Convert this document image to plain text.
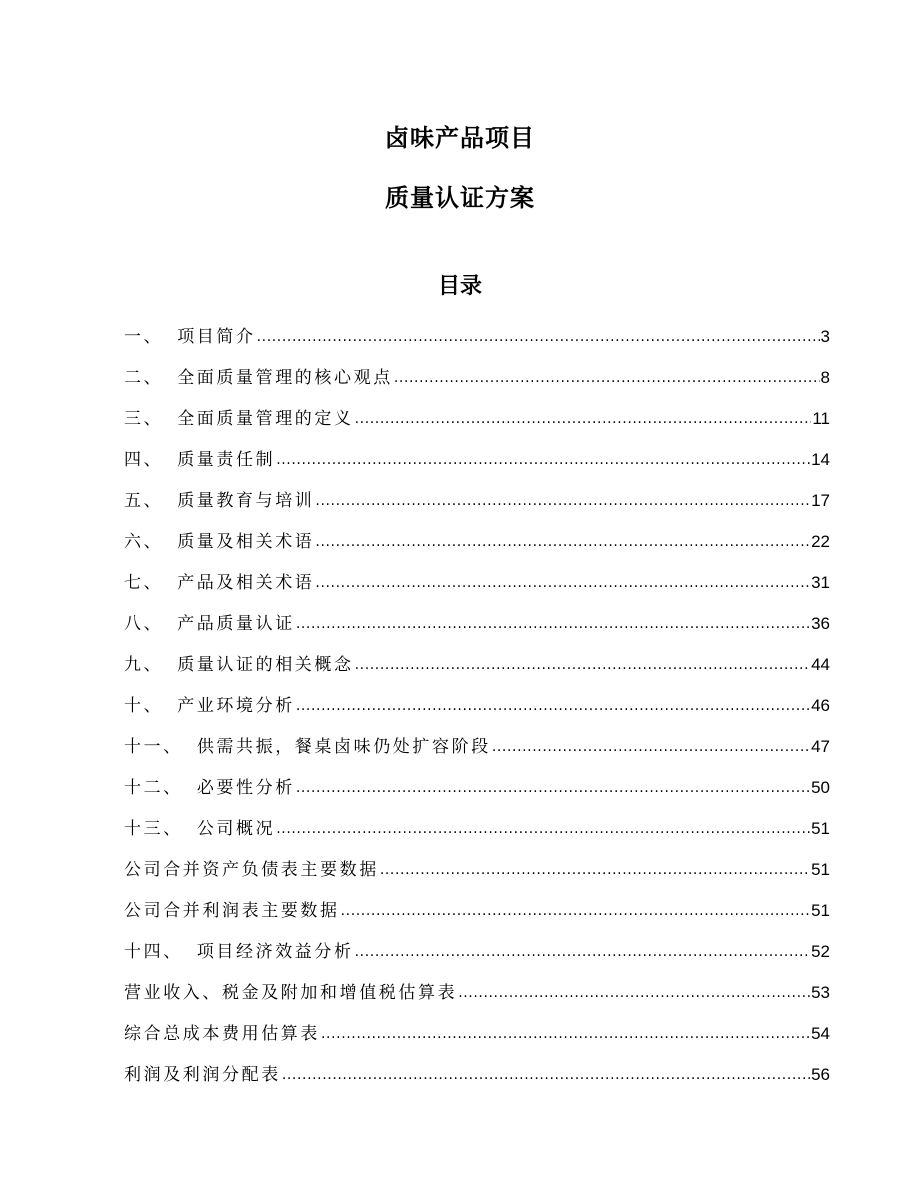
卤味产品项目
质量认证方案
目录
一、 项目简介 .....	3
二、 全面质量管理的核心观点 .....	8
三、 全面质量管理的定义 .....	11
四、 质量责任制 .....	14
五、 质量教育与培训 .....	17
六、 质量及相关术语 .....	22
七、 产品及相关术语 .....	31
八、 产品质量认证 .....	36
九、 质量认证的相关概念 .....	44
十、 产业环境分析 .....	46
十一、 供需共振，餐桌卤味仍处扩容阶段 .....	47
十二、 必要性分析 .....	50
十三、 公司概况 .....	51
公司合并资产负债表主要数据 .....	51
公司合并利润表主要数据 .....	51
十四、 项目经济效益分析 .....	52
营业收入、税金及附加和增值税估算表 .....	53
综合总成本费用估算表 .....	54
利润及利润分配表 .....	56
